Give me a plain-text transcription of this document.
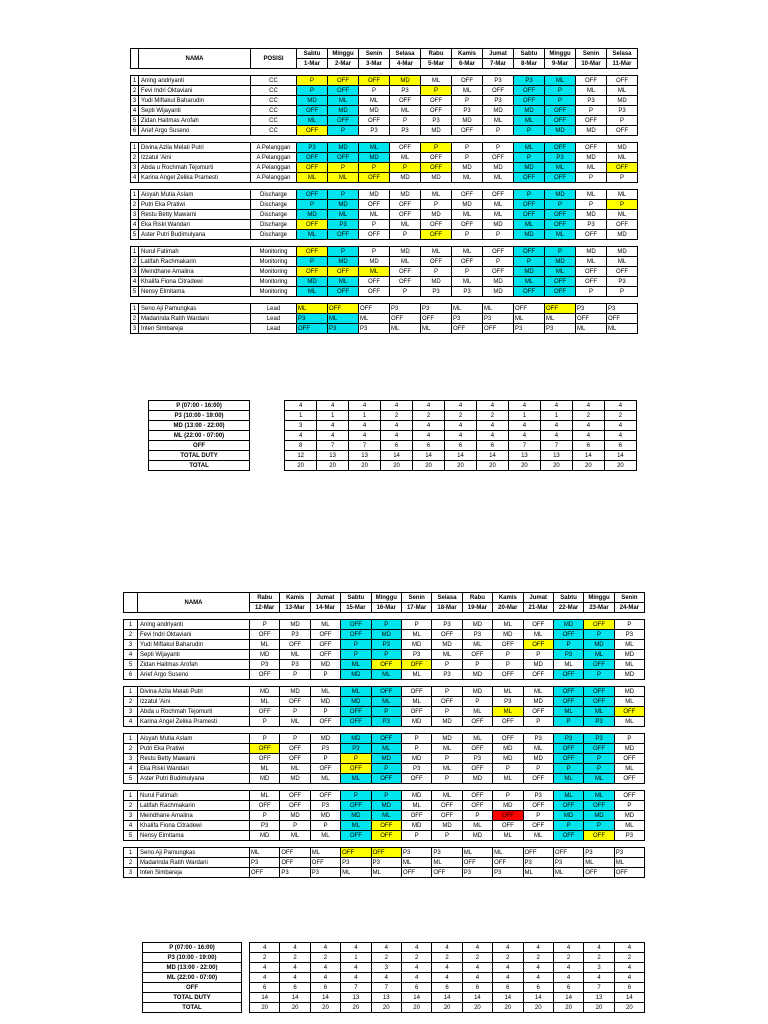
	NAMA	POSISI	Sabtu	Minggu	Senin	Selasa	Rabu	Kamis	Jumat	Sabtu	Minggu	Senin	Selasa
			1-Mar	2-Mar	3-Mar	4-Mar	5-Mar	6-Mar	7-Mar	8-Mar	9-Mar	10-Mar	11-Mar

1	Aning andriyanti	CC	P	OFF	OFF	MD	ML	OFF	P3	P3	ML	OFF	OFF
2	Fevi Indri Oktaviani	CC	P	OFF	P	P3	P	ML	OFF	OFF	P	ML	ML
3	Yudi Miftakul Baharudin	CC	MD	ML	ML	OFF	OFF	P	P3	OFF	P	P3	MD
4	Septi Wijayanti	CC	OFF	MD	MD	ML	OFF	P3	MD	MD	OFF	P	P3
5	Zidan Haitmas Arofah	CC	ML	OFF	OFF	P	P3	MD	ML	ML	OFF	OFF	P
6	Arief Argo Suseno	CC	OFF	P	P3	P3	MD	OFF	P	P	MD	MD	OFF

1	Divina Azila Melati Putri	A Pelanggan	P3	MD	ML	OFF	P	P	P	ML	OFF	OFF	MD
2	Izzatul 'Aini	A Pelanggan	OFF	OFF	MD	ML	OFF	P	OFF	P	P3	MD	ML
3	Abda u Rochmah Tejomurti	A Pelanggan	OFF	P	P	P	OFF	MD	MD	MD	ML	ML	OFF
4	Karina Angel Zelika Pramesti	A Pelanggan	ML	ML	OFF	MD	MD	ML	ML	OFF	OFF	P	P

1	Aisyah Mutia Aslam	Discharge	OFF	P	MD	MD	ML	OFF	OFF	P	MD	ML	ML
2	Putri Eka Pratiwi	Discharge	P	MD	OFF	OFF	P	MD	ML	OFF	P	P	P
3	Restu Betty Mawarni	Discharge	MD	ML	ML	OFF	MD	ML	ML	OFF	OFF	MD	ML
4	Eka Riski Wandari	Discharge	OFF	P3	P	ML	OFF	OFF	MD	ML	OFF	P3	OFF
5	Aster Putri Budimulyana	Discharge	ML	OFF	OFF	P	OFF	P	P	MD	ML	OFF	MD

1	Nurul Fatimah	Monitoring	OFF	P	P	MD	ML	ML	OFF	OFF	P	MD	MD
2	Latifah Rachmakarin	Monitoring	P	MD	MD	ML	OFF	OFF	P	P	MD	ML	ML
3	Meindhane Amalina	Monitoring	OFF	OFF	ML	OFF	P	P	OFF	MD	ML	OFF	OFF
4	Khalifa Fiona Citradewi	Monitoring	MD	ML	OFF	OFF	MD	ML	MD	ML	OFF	OFF	P3
5	Nensy Elmitama	Monitoring	ML	OFF	OFF	P	P3	P3	MD	OFF	OFF	P	P

1	Seno Aji Pamungkas	Lead	ML	OFF	OFF	P3	P3	ML	ML	OFF	OFF	P3	P3
2	Madarinda Ratih Wardani	Lead	P3	ML	ML	OFF	OFF	P3	P3	ML	ML	OFF	OFF
3	Inten Simbareja	Lead	OFF	P3	P3	ML	ML	OFF	OFF	P3	P3	ML	ML
P (07:00 - 16:00)		4	4	4	4	4	4	4	4	4	4	4
P3 (10:00 - 19:00)		1	1	1	2	2	2	2	1	1	2	2
MD (13:00 - 22:00)		3	4	4	4	4	4	4	4	4	4	4
ML (22:00 - 07:00)		4	4	4	4	4	4	4	4	4	4	4
OFF		8	7	7	6	6	6	6	7	7	6	6
TOTAL DUTY		12	13	13	14	14	14	14	13	13	14	14
TOTAL		20	20	20	20	20	20	20	20	20	20	20
	NAMA	Rabu	Kamis	Jumat	Sabtu	Minggu	Senin	Selasa	Rabu	Kamis	Jumat	Sabtu	Minggu	Senin
		12-Mar	13-Mar	14-Mar	15-Mar	16-Mar	17-Mar	18-Mar	19-Mar	20-Mar	21-Mar	22-Mar	23-Mar	24-Mar

1	Aning andriyanti	P	MD	ML	OFF	P	P	P3	MD	ML	OFF	MD	OFF	P
2	Fevi Indri Oktaviani	OFF	P3	OFF	OFF	MD	ML	OFF	P3	MD	ML	OFF	P	P3
3	Yudi Miftakul Baharudin	ML	OFF	OFF	P	P3	MD	MD	ML	OFF	OFF	P	MD	ML
4	Septi Wijayanti	MD	ML	OFF	P	P	P3	ML	OFF	P	P	P3	ML	MD
5	Zidan Haitmas Arofah	P3	P3	MD	ML	OFF	OFF	P	P	P	MD	ML	OFF	ML
6	Arief Argo Suseno	OFF	P	P	MD	ML	ML	P3	MD	OFF	OFF	OFF	P	MD

1	Divina Azila Melati Putri	MD	MD	ML	ML	OFF	OFF	P	MD	ML	ML	OFF	OFF	MD
2	Izzatul 'Aini	ML	OFF	MD	MD	ML	ML	OFF	P	P3	MD	OFF	OFF	ML
3	Abda u Rochmah Tejomurti	OFF	P	P	OFF	P	OFF	P	ML	ML	OFF	ML	ML	OFF
4	Karina Angel Zelika Pramesti	P	ML	OFF	OFF	P3	MD	MD	OFF	OFF	P	P	P3	ML

1	Aisyah Mutia Aslam	P	P	MD	MD	OFF	P	MD	ML	OFF	P3	P3	P3	P
2	Putri Eka Pratiwi	OFF	OFF	P3	P3	ML	P	ML	OFF	MD	ML	OFF	OFF	MD
3	Restu Betty Mawarni	OFF	OFF	P	P	MD	MD	P	P3	MD	MD	OFF	P	OFF
4	Eka Riski Wandari	ML	ML	OFF	OFF	P	P3	ML	OFF	P	P	P	P	ML
5	Aster Putri Budimulyana	MD	MD	ML	ML	OFF	OFF	P	MD	ML	OFF	ML	ML	OFF

1	Nurul Fatimah	ML	OFF	OFF	P	P	MD	ML	OFF	P	P3	ML	ML	OFF
2	Latifah Rachmakarin	OFF	OFF	P3	OFF	MD	ML	OFF	OFF	MD	OFF	OFF	OFF	P
3	Meindhane Amalina	P	MD	MD	MD	ML	OFF	OFF	P	OFF	P	MD	MD	MD
4	Khalifa Fiona Citradewi	P3	P	P	ML	OFF	MD	MD	ML	OFF	OFF	P	P	ML
5	Nensy Elmitama	MD	ML	ML	OFF	OFF	P	P	MD	ML	ML	OFF	OFF	P3

1	Seno Aji Pamungkas	ML	OFF	ML	OFF	OFF	P3	P3	ML	ML	OFF	OFF	P3	P3
2	Madarinda Ratih Wardani	P3	OFF	OFF	P3	P3	ML	ML	OFF	OFF	P3	P3	ML	ML
3	Inten Simbareja	OFF	P3	P3	ML	ML	OFF	OFF	P3	P3	ML	ML	OFF	OFF
P (07:00 - 16:00)		4	4	4	4	4	4	4	4	4	4	4	4	4
P3 (10:00 - 19:00)		2	2	2	1	2	2	2	2	2	2	2	2	2
MD (13:00 - 22:00)		4	4	4	4	3	4	4	4	4	4	4	3	4
ML (22:00 - 07:00)		4	4	4	4	4	4	4	4	4	4	4	4	4
OFF		6	6	6	7	7	6	6	6	6	6	6	7	6
TOTAL DUTY		14	14	14	13	13	14	14	14	14	14	14	13	14
TOTAL		20	20	20	20	20	20	20	20	20	20	20	20	20
